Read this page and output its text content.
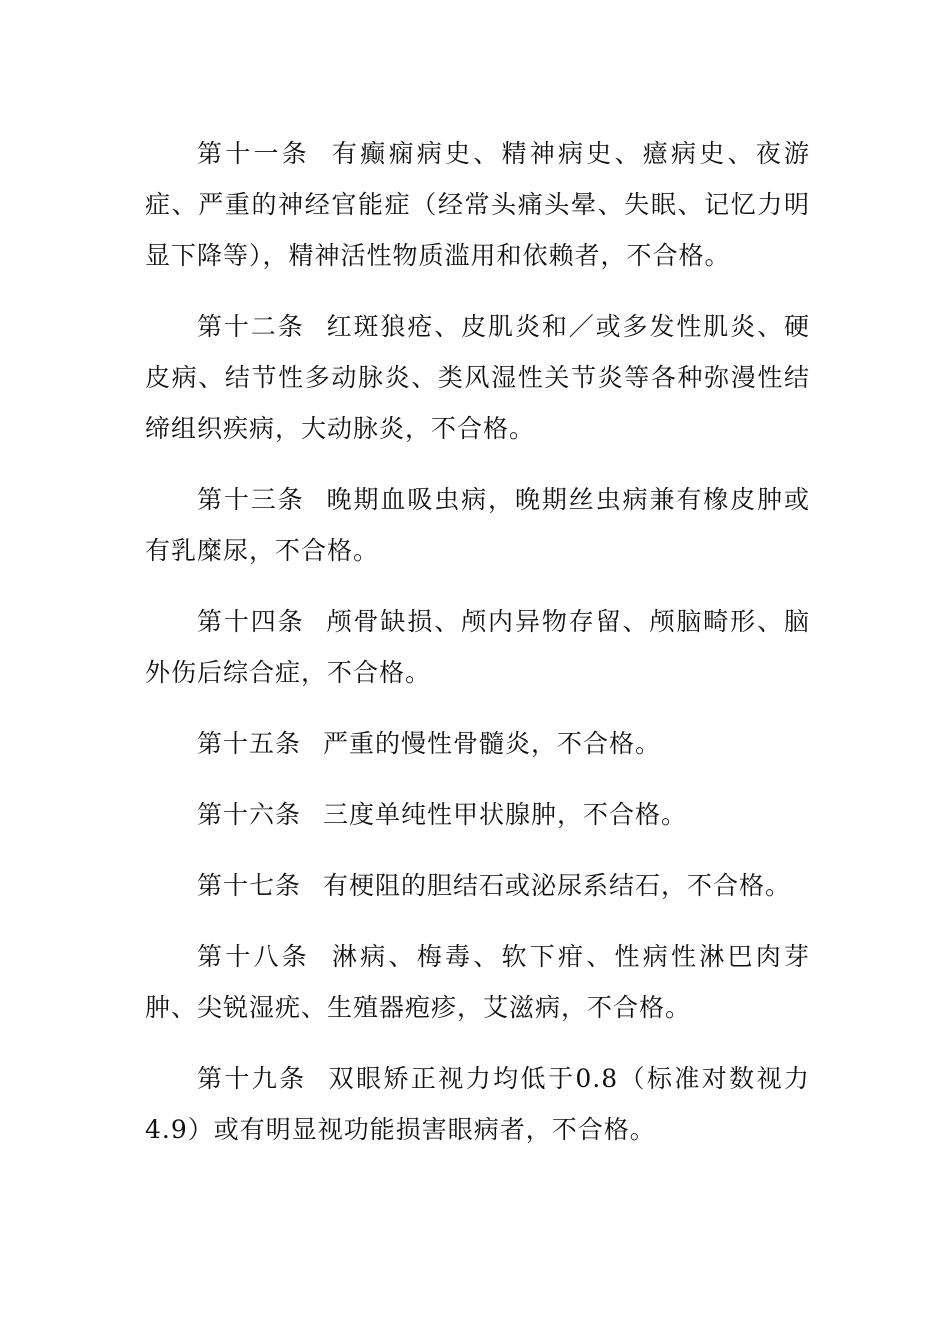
第十一条 有癫痫病史、精神病史、癔病史、夜游症、严重的神经官能症（经常头痛头晕、失眠、记忆力明显下降等），精神活性物质滥用和依赖者，不合格。

第十二条 红斑狼疮、皮肌炎和／或多发性肌炎、硬皮病、结节性多动脉炎、类风湿性关节炎等各种弥漫性结缔组织疾病，大动脉炎，不合格。

第十三条 晚期血吸虫病，晚期丝虫病兼有橡皮肿或有乳糜尿，不合格。

第十四条 颅骨缺损、颅内异物存留、颅脑畸形、脑外伤后综合症，不合格。

第十五条 严重的慢性骨髓炎，不合格。

第十六条 三度单纯性甲状腺肿，不合格。

第十七条 有梗阻的胆结石或泌尿系结石，不合格。

第十八条 淋病、梅毒、软下疳、性病性淋巴肉芽肿、尖锐湿疣、生殖器疱疹，艾滋病，不合格。

第十九条 双眼矫正视力均低于0.8（标准对数视力4.9）或有明显视功能损害眼病者，不合格。
